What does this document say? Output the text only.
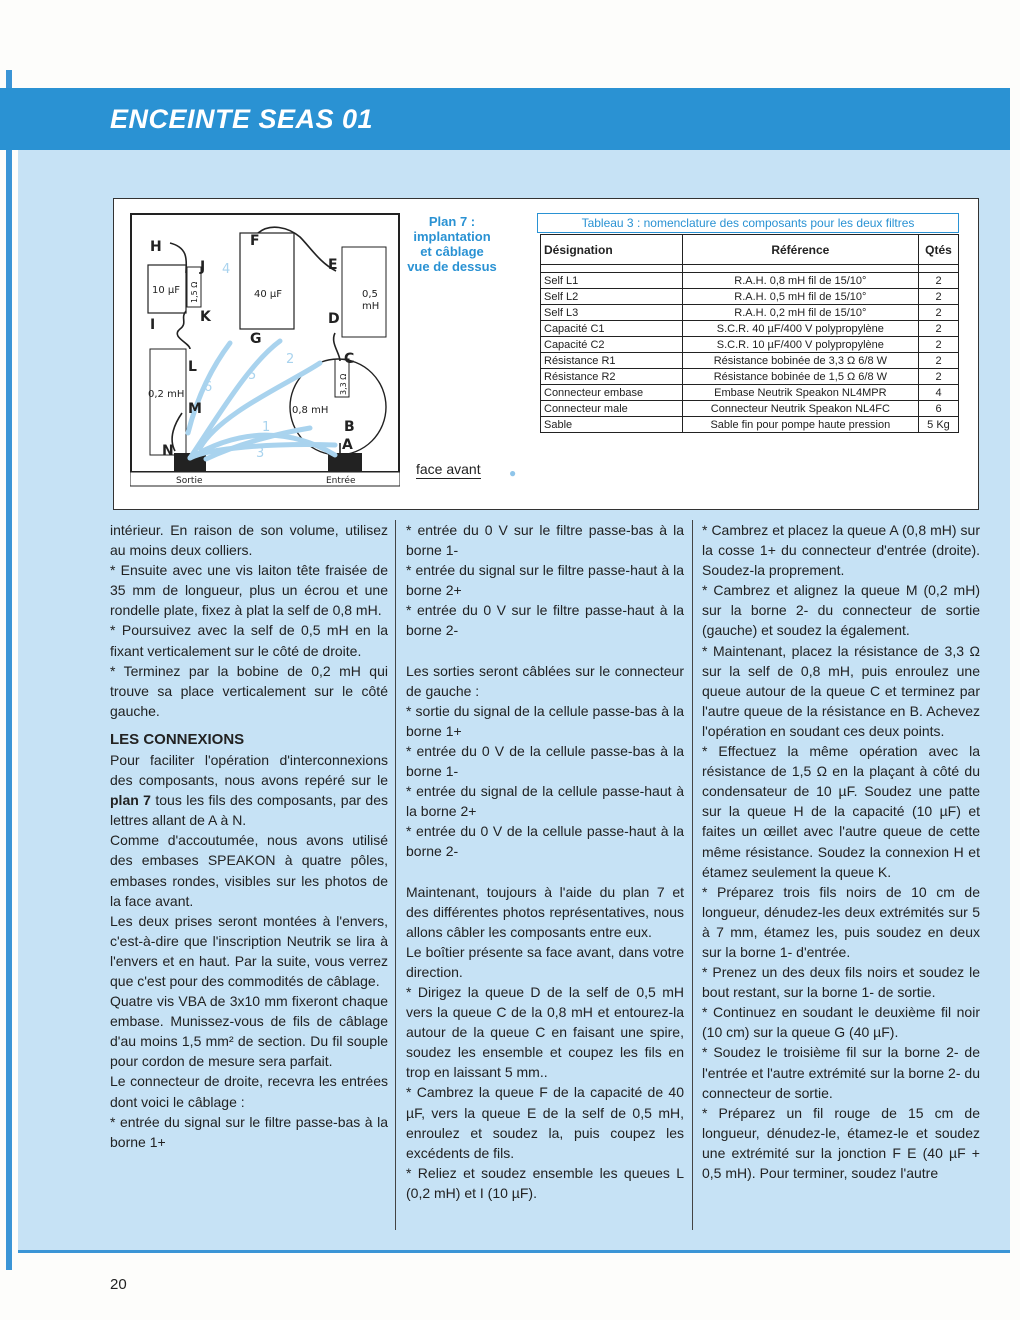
ENCEINTE SEAS 01
40 µF
10 µF 1,5 Ω
0,2 mH
0,5
mH
0,8 mH
3,3 Ω
Sortie	Entrée
H	F
J	E
K	D
G
C
I
L
M
N	A
B
1
2
3
4
5
6
Plan 7 :
implantation
et câblage
vue de dessus
face avant ●
Tableau 3 : nomenclature des composants pour les deux filtres
Désignation	Référence	Qtés

Self L1	R.A.H. 0,8 mH fil de 15/10°	2
Self L2	R.A.H. 0,5 mH fil de 15/10°	2
Self L3	R.A.H. 0,2 mH fil de 15/10°	2
Capacité C1	S.C.R. 40 µF/400 V polypropylène	2
Capacité C2	S.C.R. 10 µF/400 V polypropylène	2
Résistance R1	Résistance bobinée de 3,3 Ω 6/8 W	2
Résistance R2	Résistance bobinée de 1,5 Ω 6/8 W	2
Connecteur embase	Embase Neutrik Speakon NL4MPR	4
Connecteur male	Connecteur Neutrik Speakon NL4FC	6
Sable	Sable fin pour pompe haute pression	5 Kg

intérieur. En raison de son volume, utilisez au moins deux colliers.

* Ensuite avec une vis laiton tête fraisée de 35 mm de longueur, plus un écrou et une rondelle plate, fixez à plat la self de 0,8 mH.

* Poursuivez avec la self de 0,5 mH en la fixant verticalement sur le côté de droite.

* Terminez par la bobine de 0,2 mH qui trouve sa place verticalement sur le côté gauche.

LES CONNEXIONS

Pour faciliter l'opération d'interconnexions des composants, nous avons repéré sur le plan 7 tous les fils des composants, par des lettres allant de A à N.

Comme d'accoutumée, nous avons utilisé des embases SPEAKON à quatre pôles, embases rondes, visibles sur les photos de la face avant.

Les deux prises seront montées à l'envers, c'est-à-dire que l'inscription Neutrik se lira à l'envers et en haut. Par la suite, vous verrez que c'est pour des commodités de câblage.

Quatre vis VBA de 3x10 mm fixeront chaque embase. Munissez-vous de fils de câblage d'au moins 1,5 mm² de section. Du fil souple pour cordon de mesure sera parfait.

Le connecteur de droite, recevra les entrées dont voici le câblage :

* entrée du signal sur le filtre passe-bas à la borne 1+

* entrée du 0 V sur le filtre passe-bas à la borne 1-

* entrée du signal sur le filtre passe-haut à la borne 2+

* entrée du 0 V sur le filtre passe-haut à la borne 2-

Les sorties seront câblées sur le connecteur de gauche :

* sortie du signal de la cellule passe-bas à la borne 1+

* entrée du 0 V de la cellule passe-bas à la borne 1-

* entrée du signal de la cellule passe-haut à la borne 2+

* entrée du 0 V de la cellule passe-haut à la borne 2-

Maintenant, toujours à l'aide du plan 7 et des différentes photos représentatives, nous allons câbler les composants entre eux.

Le boîtier présente sa face avant, dans votre direction.

* Dirigez la queue D de la self de 0,5 mH vers la queue C de la 0,8 mH et entourez-la autour de la queue C en faisant une spire, soudez les ensemble et coupez les fils en trop en laissant 5 mm..

* Cambrez la queue F de la capacité de 40 µF, vers la queue E de la self de 0,5 mH, enroulez et soudez la, puis coupez les excédents de fils.

* Reliez et soudez ensemble les queues L (0,2 mH) et I (10 µF).

* Cambrez et placez la queue A (0,8 mH) sur la cosse 1+ du connecteur d'entrée (droite). Soudez-la proprement.

* Cambrez et alignez la queue M (0,2 mH) sur la borne 2- du connecteur de sortie (gauche) et soudez la également.

* Maintenant, placez la résistance de 3,3 Ω sur la self de 0,8 mH, puis enroulez une queue autour de la queue C et terminez par l'autre queue de la résistance en B. Achevez l'opération en soudant ces deux points.

* Effectuez la même opération avec la résistance de 1,5 Ω en la plaçant à côté du condensateur de 10 µF. Soudez une patte sur la queue H de la capacité (10 µF) et faites un œillet avec l'autre queue de cette même résistance. Soudez la connexion H et étamez seulement la queue K.

* Préparez trois fils noirs de 10 cm de longueur, dénudez-les deux extrémités sur 5 à 7 mm, étamez les, puis soudez en deux sur la borne 1- d'entrée.

* Prenez un des deux fils noirs et soudez le bout restant, sur la borne 1- de sortie.

* Continuez en soudant le deuxième fil noir (10 cm) sur la queue G (40 µF).

* Soudez le troisième fil sur la borne 2- de l'entrée et l'autre extrémité sur la borne 2- du connecteur de sortie.

* Préparez un fil rouge de 15 cm de longueur, dénudez-le, étamez-le et soudez une extrémité sur la jonction F E (40 µF + 0,5 mH). Pour terminer, soudez l'autre

20
